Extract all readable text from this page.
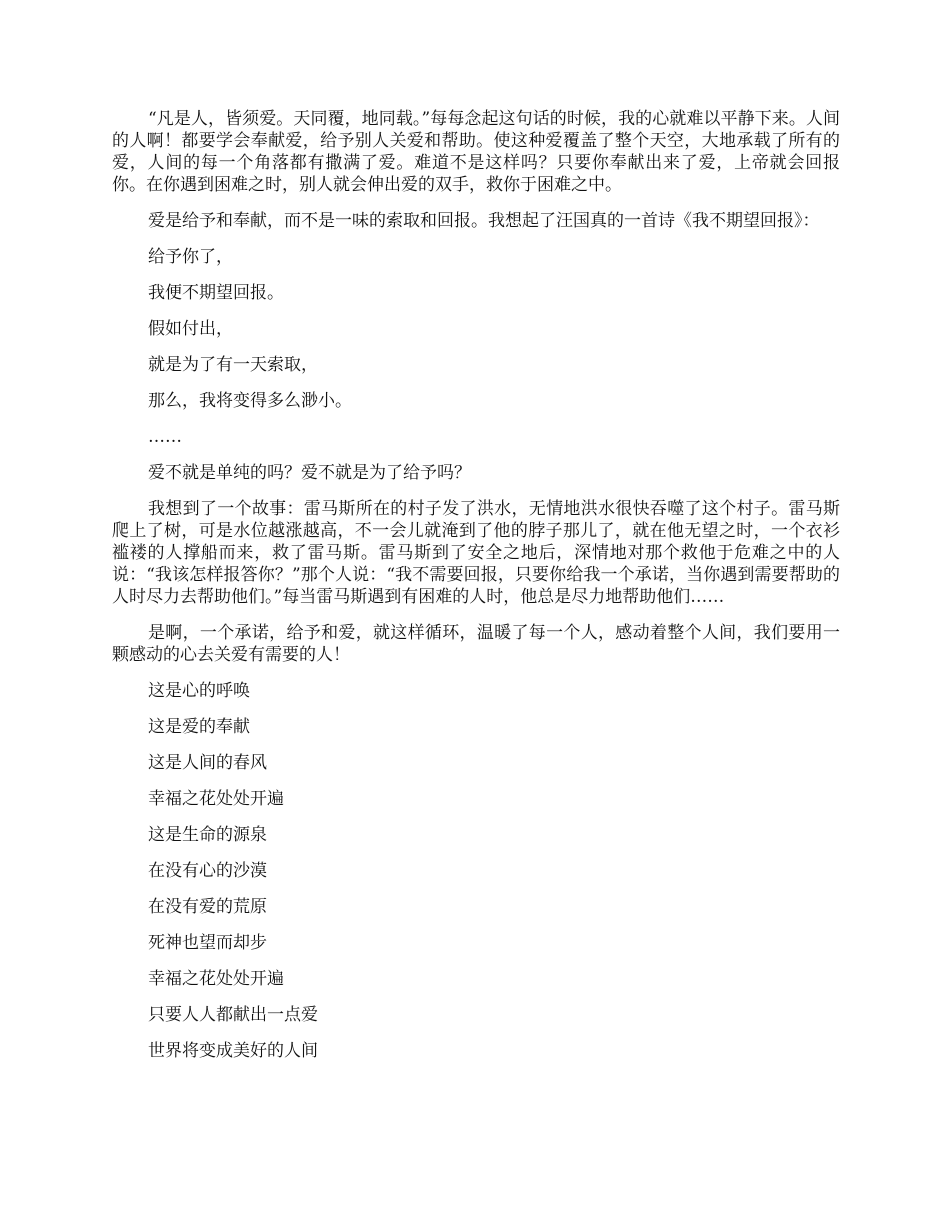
“凡是人，皆须爱。天同覆，地同载。”每每念起这句话的时候，我的心就难以平静下来。人间的人啊！都要学会奉献爱，给予别人关爱和帮助。使这种爱覆盖了整个天空，大地承载了所有的爱，人间的每一个角落都有撒满了爱。难道不是这样吗？只要你奉献出来了爱，上帝就会回报你。在你遇到困难之时，别人就会伸出爱的双手，救你于困难之中。

爱是给予和奉献，而不是一味的索取和回报。我想起了汪国真的一首诗《我不期望回报》：

给予你了，

我便不期望回报。

假如付出，

就是为了有一天索取，

那么，我将变得多么渺小。

……

爱不就是单纯的吗？爱不就是为了给予吗？

我想到了一个故事：雷马斯所在的村子发了洪水，无情地洪水很快吞噬了这个村子。雷马斯爬上了树，可是水位越涨越高，不一会儿就淹到了他的脖子那儿了，就在他无望之时，一个衣衫褴褛的人撑船而来，救了雷马斯。雷马斯到了安全之地后，深情地对那个救他于危难之中的人说：“我该怎样报答你？”那个人说：“我不需要回报，只要你给我一个承诺，当你遇到需要帮助的人时尽力去帮助他们。”每当雷马斯遇到有困难的人时，他总是尽力地帮助他们……

是啊，一个承诺，给予和爱，就这样循环，温暖了每一个人，感动着整个人间，我们要用一颗感动的心去关爱有需要的人！

这是心的呼唤

这是爱的奉献

这是人间的春风

幸福之花处处开遍

这是生命的源泉

在没有心的沙漠

在没有爱的荒原

死神也望而却步

幸福之花处处开遍

只要人人都献出一点爱

世界将变成美好的人间
